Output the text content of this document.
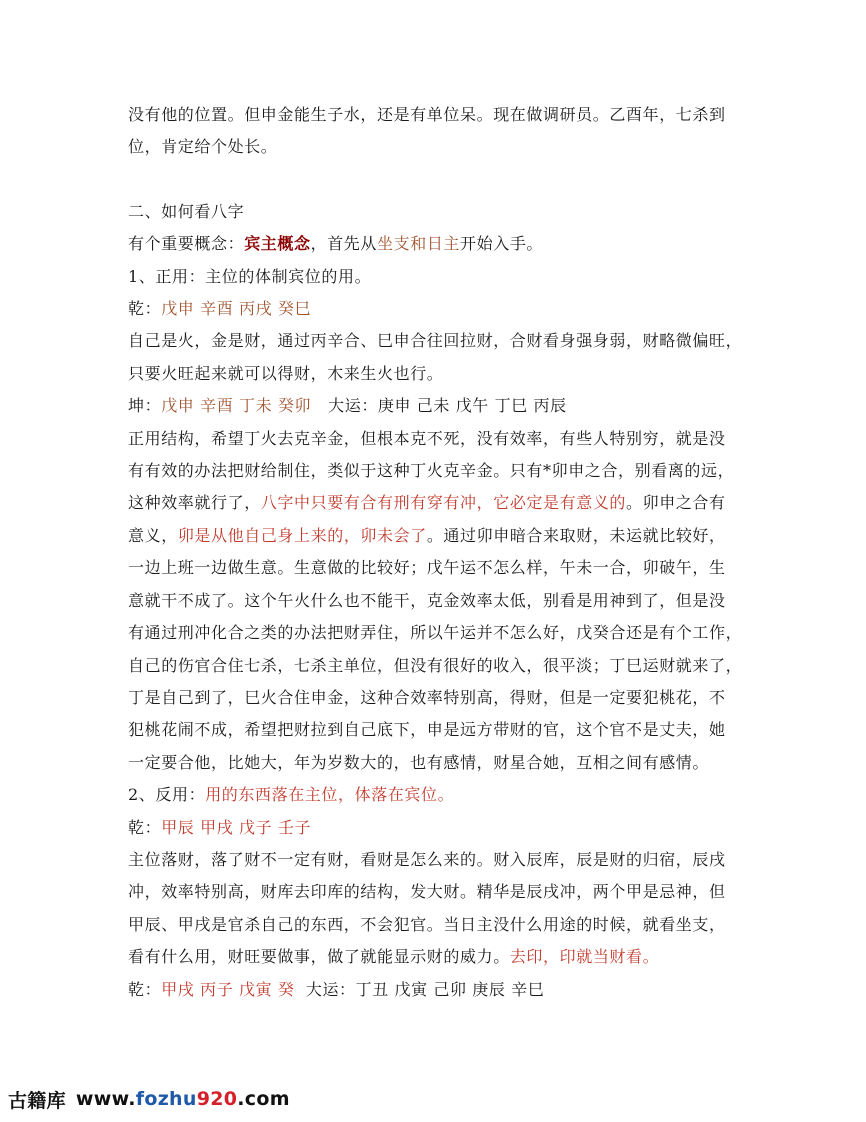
没有他的位置。但申金能生子水，还是有单位呆。现在做调研员。乙酉年，七杀到
位，肯定给个处长。
二、如何看八字
有个重要概念：宾主概念，首先从坐支和日主开始入手。
1、正用：主位的体制宾位的用。
乾：戊申 辛酉 丙戌 癸巳
自己是火，金是财，通过丙辛合、巳申合往回拉财，合财看身强身弱，财略微偏旺，
只要火旺起来就可以得财，木来生火也行。
坤：戊申 辛酉 丁未 癸卯   大运：庚申 己未 戊午 丁巳 丙辰
正用结构，希望丁火去克辛金，但根本克不死，没有效率，有些人特别穷，就是没
有有效的办法把财给制住，类似于这种丁火克辛金。只有*卯申之合，别看离的远，
这种效率就行了，八字中只要有合有刑有穿有冲，它必定是有意义的。卯申之合有
意义，卯是从他自己身上来的，卯未会了。通过卯申暗合来取财，未运就比较好，
一边上班一边做生意。生意做的比较好；戊午运不怎么样，午未一合，卯破午，生
意就干不成了。这个午火什么也不能干，克金效率太低，别看是用神到了，但是没
有通过刑冲化合之类的办法把财弄住，所以午运并不怎么好，戊癸合还是有个工作，
自己的伤官合住七杀，七杀主单位，但没有很好的收入，很平淡；丁巳运财就来了，
丁是自己到了，巳火合住申金，这种合效率特别高，得财，但是一定要犯桃花，不
犯桃花闹不成，希望把财拉到自己底下，申是远方带财的官，这个官不是丈夫，她
一定要合他，比她大，年为岁数大的，也有感情，财星合她，互相之间有感情。
2、反用：用的东西落在主位，体落在宾位。
乾：甲辰 甲戌 戊子 壬子
主位落财，落了财不一定有财，看财是怎么来的。财入辰库，辰是财的归宿，辰戌
冲，效率特别高，财库去印库的结构，发大财。精华是辰戌冲，两个甲是忌神，但
甲辰、甲戌是官杀自己的东西，不会犯官。当日主没什么用途的时候，就看坐支，
看有什么用，财旺要做事，做了就能显示财的威力。去印，印就当财看。
乾：甲戌 丙子 戊寅 癸  大运：丁丑 戊寅 己卯 庚辰 辛巳
古籍库 www. fozhu 920 .com
